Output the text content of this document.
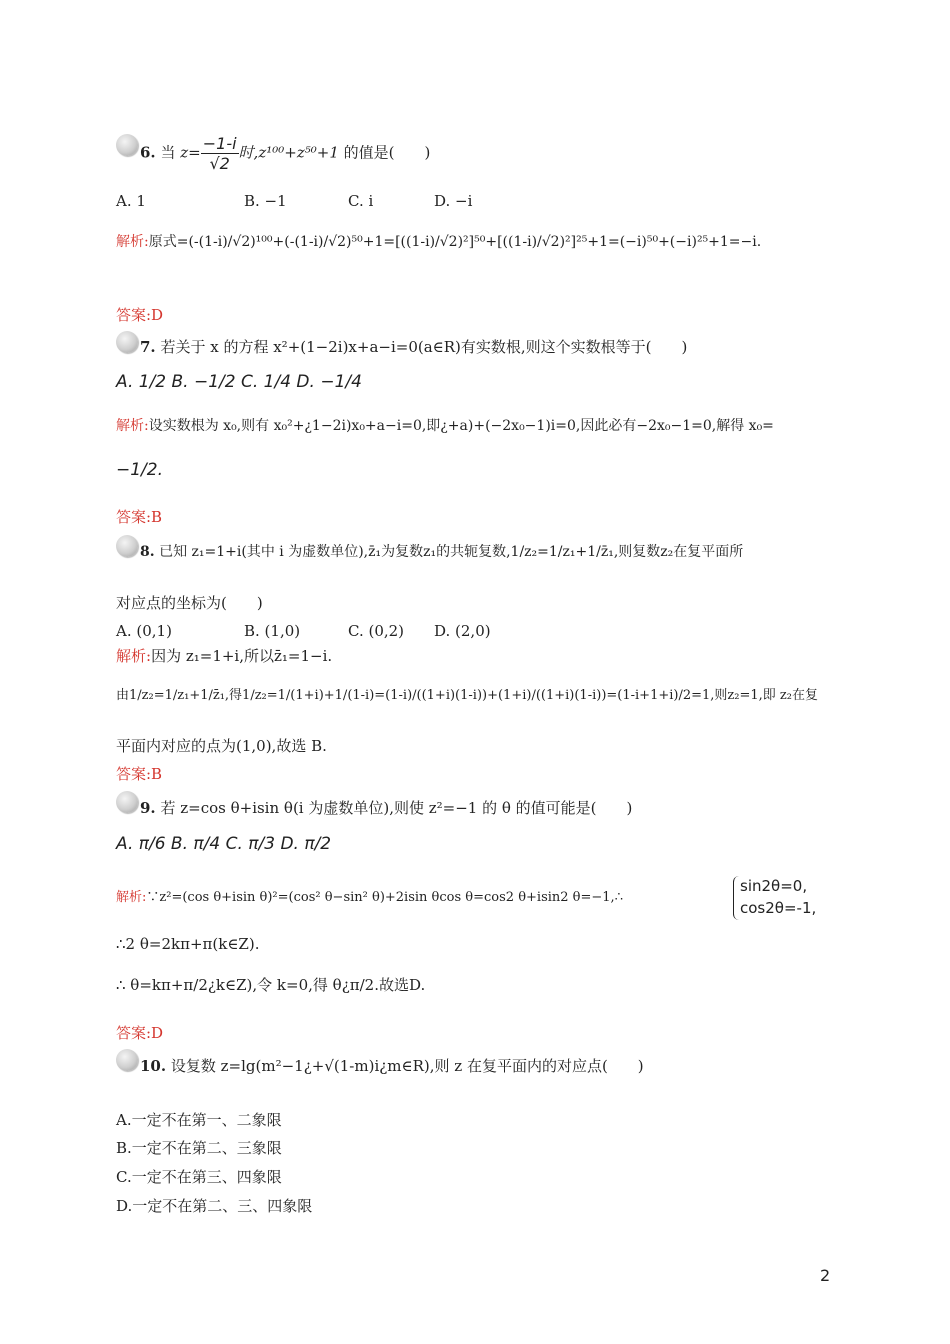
6. 当 $z= \frac{-1-i}{√2}$ 时,z¹⁰⁰+z⁵⁰+1 的值是(　　)
A. 1	B. −1	C. i	D. −i
解析:原式=(-(1-i)/√2)¹⁰⁰+(-(1-i)/√2)⁵⁰+1=[((1-i)/√2)²]⁵⁰+[((1-i)/√2)²]²⁵+1=(−i)⁵⁰+(−i)²⁵+1=−i.
答案:D
7. 若关于 x 的方程 x²+(1−2i)x+a−i=0(a∈R)有实数根,则这个实数根等于(　　)
A. 1/2 B. −1/2 C. 1/4 D. −1/4
解析:设实数根为 x₀,则有 x₀²+¿1−2i)x₀+a−i=0,即¿+a)+(−2x₀−1)i=0,因此必有−2x₀−1=0,解得 x₀=
−1/2.
答案:B
8. 已知 z₁=1+i(其中 i 为虚数单位),z̄₁为复数z₁的共轭复数,1/z₂=1/z₁+1/z̄₁,则复数z₂在复平面所
对应点的坐标为(　　)
A. (0,1)	B. (1,0)	C. (0,2) D. (2,0)
解析:因为 z₁=1+i,所以z̄₁=1−i.
由1/z₂=1/z₁+1/z̄₁,得1/z₂=1/(1+i)+1/(1-i)=(1-i)/((1+i)(1-i))+(1+i)/((1+i)(1-i))=(1-i+1+i)/2=1,则z₂=1,即 z₂在复
平面内对应的点为(1,0),故选 B.
答案:B
9. 若 z=cos θ+isin θ(i 为虚数单位),则使 z²=−1 的 θ 的值可能是(　　)
A. π/6 B. π/4 C. π/3 D. π/2
解析:∵z²=(cos θ+isin θ)²=(cos² θ−sin² θ)+2isin θcos θ=cos2 θ+isin2 θ=−1,∴
sin2θ=0,
cos2θ=-1,
∴2 θ=2kπ+π(k∈Z).
∴ θ=kπ+π/2¿k∈Z),令 k=0,得 θ¿π/2.故选D.
答案:D
10. 设复数 z=lg(m²−1¿+√(1-m)i¿m∈R),则 z 在复平面内的对应点(　　)
A.一定不在第一、二象限
B.一定不在第二、三象限
C.一定不在第三、四象限
D.一定不在第二、三、四象限
2
